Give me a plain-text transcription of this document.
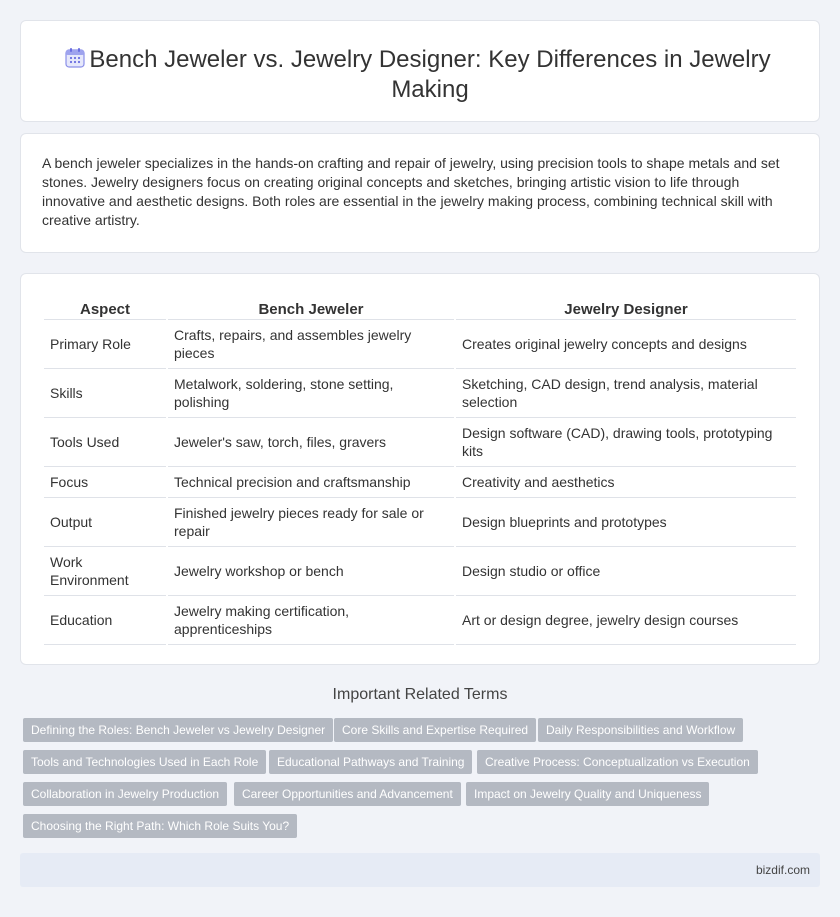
Bench Jeweler vs. Jewelry Designer: Key Differences in Jewelry Making

A bench jeweler specializes in the hands-on crafting and repair of jewelry, using precision tools to shape metals and set stones. Jewelry designers focus on creating original concepts and sketches, bringing artistic vision to life through innovative and aesthetic designs. Both roles are essential in the jewelry making process, combining technical skill with creative artistry.

Aspect	Bench Jeweler	Jewelry Designer
Primary Role	Crafts, repairs, and assembles jewelry pieces	Creates original jewelry concepts and designs
Skills	Metalwork, soldering, stone setting, polishing	Sketching, CAD design, trend analysis, material selection
Tools Used	Jeweler's saw, torch, files, gravers	Design software (CAD), drawing tools, prototyping kits
Focus	Technical precision and craftsmanship	Creativity and aesthetics
Output	Finished jewelry pieces ready for sale or repair	Design blueprints and prototypes
Work Environment	Jewelry workshop or bench	Design studio or office
Education	Jewelry making certification, apprenticeships	Art or design degree, jewelry design courses
Important Related Terms
Defining the Roles: Bench Jeweler vs Jewelry Designer	Core Skills and Expertise Required	Daily Responsibilities and Workflow
Tools and Technologies Used in Each Role	Educational Pathways and Training	Creative Process: Conceptualization vs Execution
Collaboration in Jewelry Production	Career Opportunities and Advancement	Impact on Jewelry Quality and Uniqueness
Choosing the Right Path: Which Role Suits You?
bizdif.com
